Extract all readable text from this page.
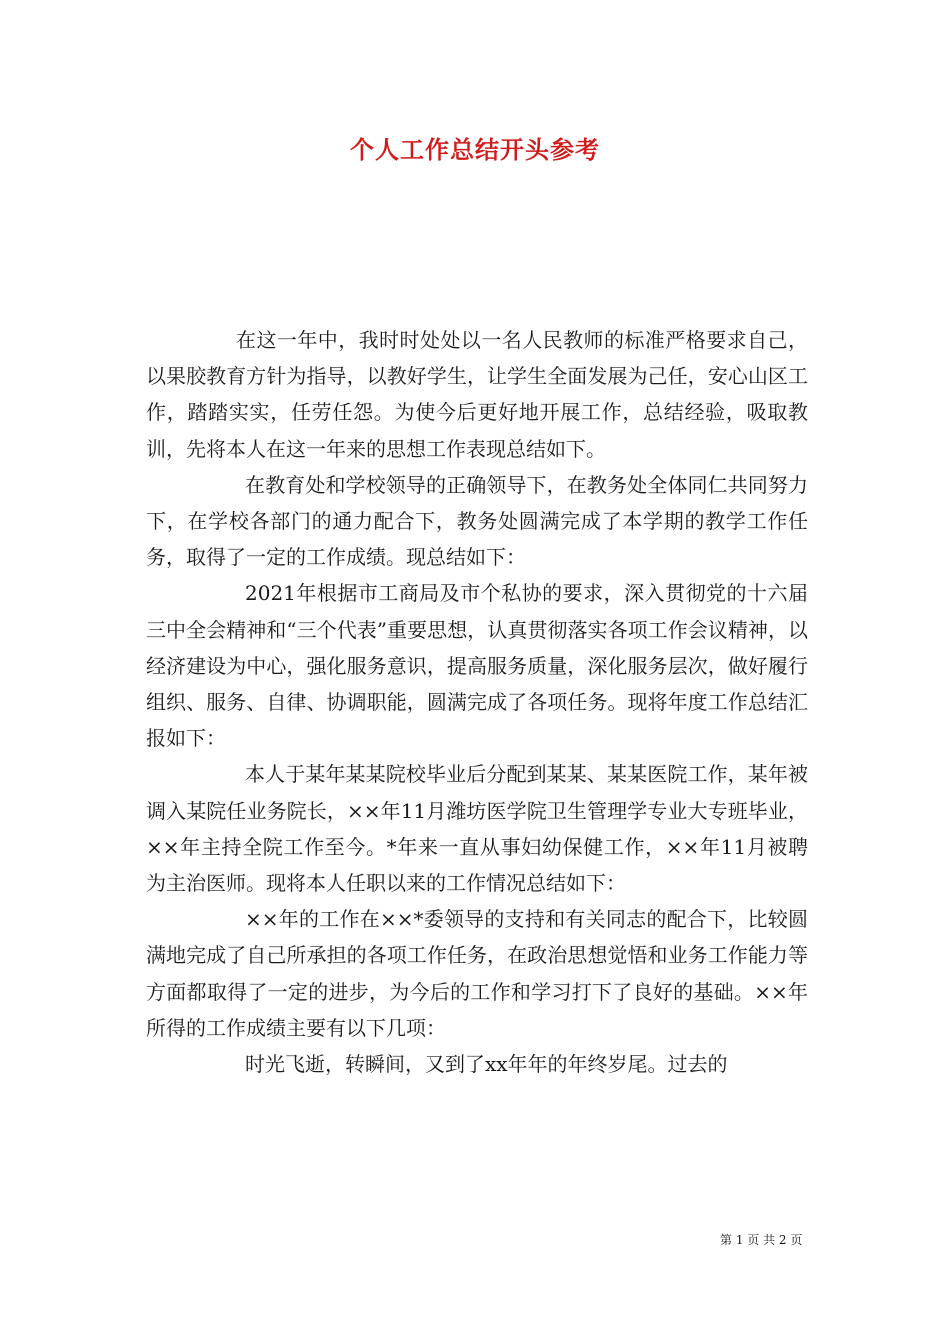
个人工作总结开头参考

在这一年中，我时时处处以一名人民教师的标准严格要求自己，以果胶教育方针为指导，以教好学生，让学生全面发展为己任，安心山区工作，踏踏实实，任劳任怨。为使今后更好地开展工作，总结经验，吸取教训，先将本人在这一年来的思想工作表现总结如下。

在教育处和学校领导的正确领导下，在教务处全体同仁共同努力下，在学校各部门的通力配合下，教务处圆满完成了本学期的教学工作任务，取得了一定的工作成绩。现总结如下：

2021年根据市工商局及市个私协的要求，深入贯彻党的十六届三中全会精神和“三个代表”重要思想，认真贯彻落实各项工作会议精神，以经济建设为中心，强化服务意识，提高服务质量，深化服务层次，做好履行组织、服务、自律、协调职能，圆满完成了各项任务。现将年度工作总结汇报如下：

本人于某年某某院校毕业后分配到某某、某某医院工作，某年被调入某院任业务院长，××年11月潍坊医学院卫生管理学专业大专班毕业，××年主持全院工作至今。*年来一直从事妇幼保健工作，××年11月被聘为主治医师。现将本人任职以来的工作情况总结如下：

××年的工作在××*委领导的支持和有关同志的配合下，比较圆满地完成了自己所承担的各项工作任务，在政治思想觉悟和业务工作能力等方面都取得了一定的进步，为今后的工作和学习打下了良好的基础。××年所得的工作成绩主要有以下几项：

时光飞逝，转瞬间，又到了xx年年的年终岁尾。过去的

第 1 页 共 2 页
